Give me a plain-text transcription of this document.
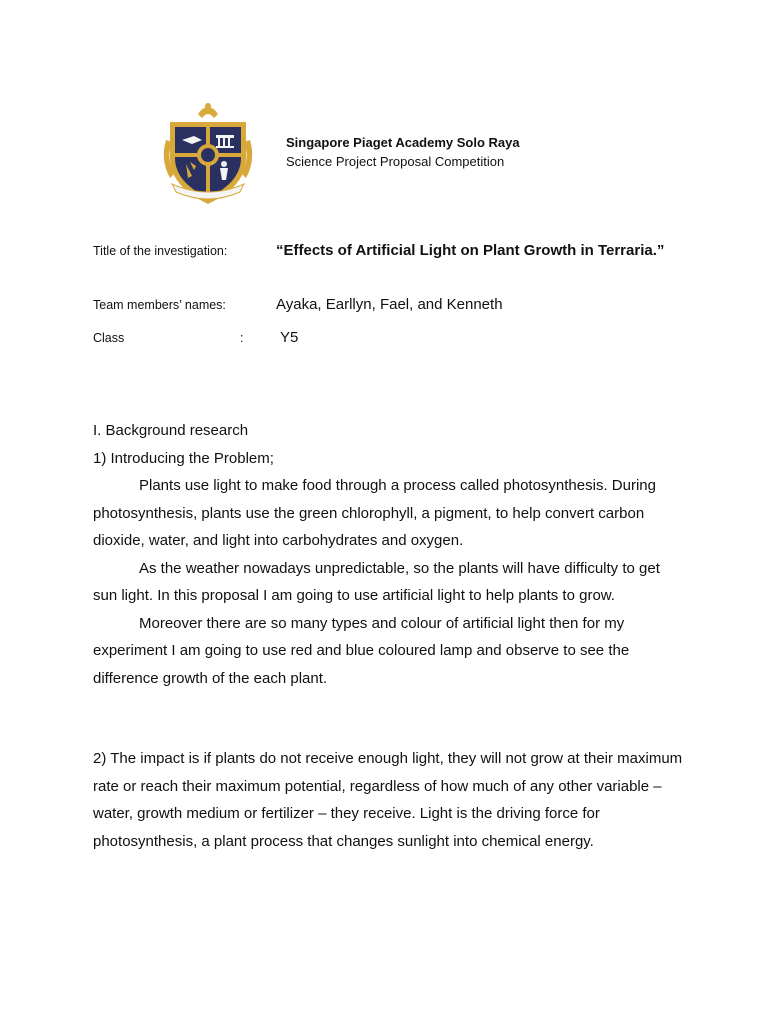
Singapore Piaget Academy Solo Raya
Science Project Proposal Competition
Title of the investigation:	“Effects of Artificial Light on Plant Growth in Terraria.”
Team members’ names:	Ayaka, Earllyn, Fael, and Kenneth
Class	: Y5

I. Background research

1) Introducing the Problem;

Plants use light to make food through a process called photosynthesis. During photosynthesis, plants use the green chlorophyll, a pigment, to help convert carbon dioxide, water, and light into carbohydrates and oxygen.

As the weather nowadays unpredictable, so the plants will have difficulty to get sun light. In this proposal I am going to use artificial light to help plants to grow.

Moreover there are so many types and colour of artificial light then for my experiment I am going to use red and blue coloured lamp and observe to see the difference growth of the each plant.

2) The impact is if plants do not receive enough light, they will not grow at their maximum rate or reach their maximum potential, regardless of how much of any other variable – water, growth medium or fertilizer – they receive. Light is the driving force for photosynthesis, a plant process that changes sunlight into chemical energy.
